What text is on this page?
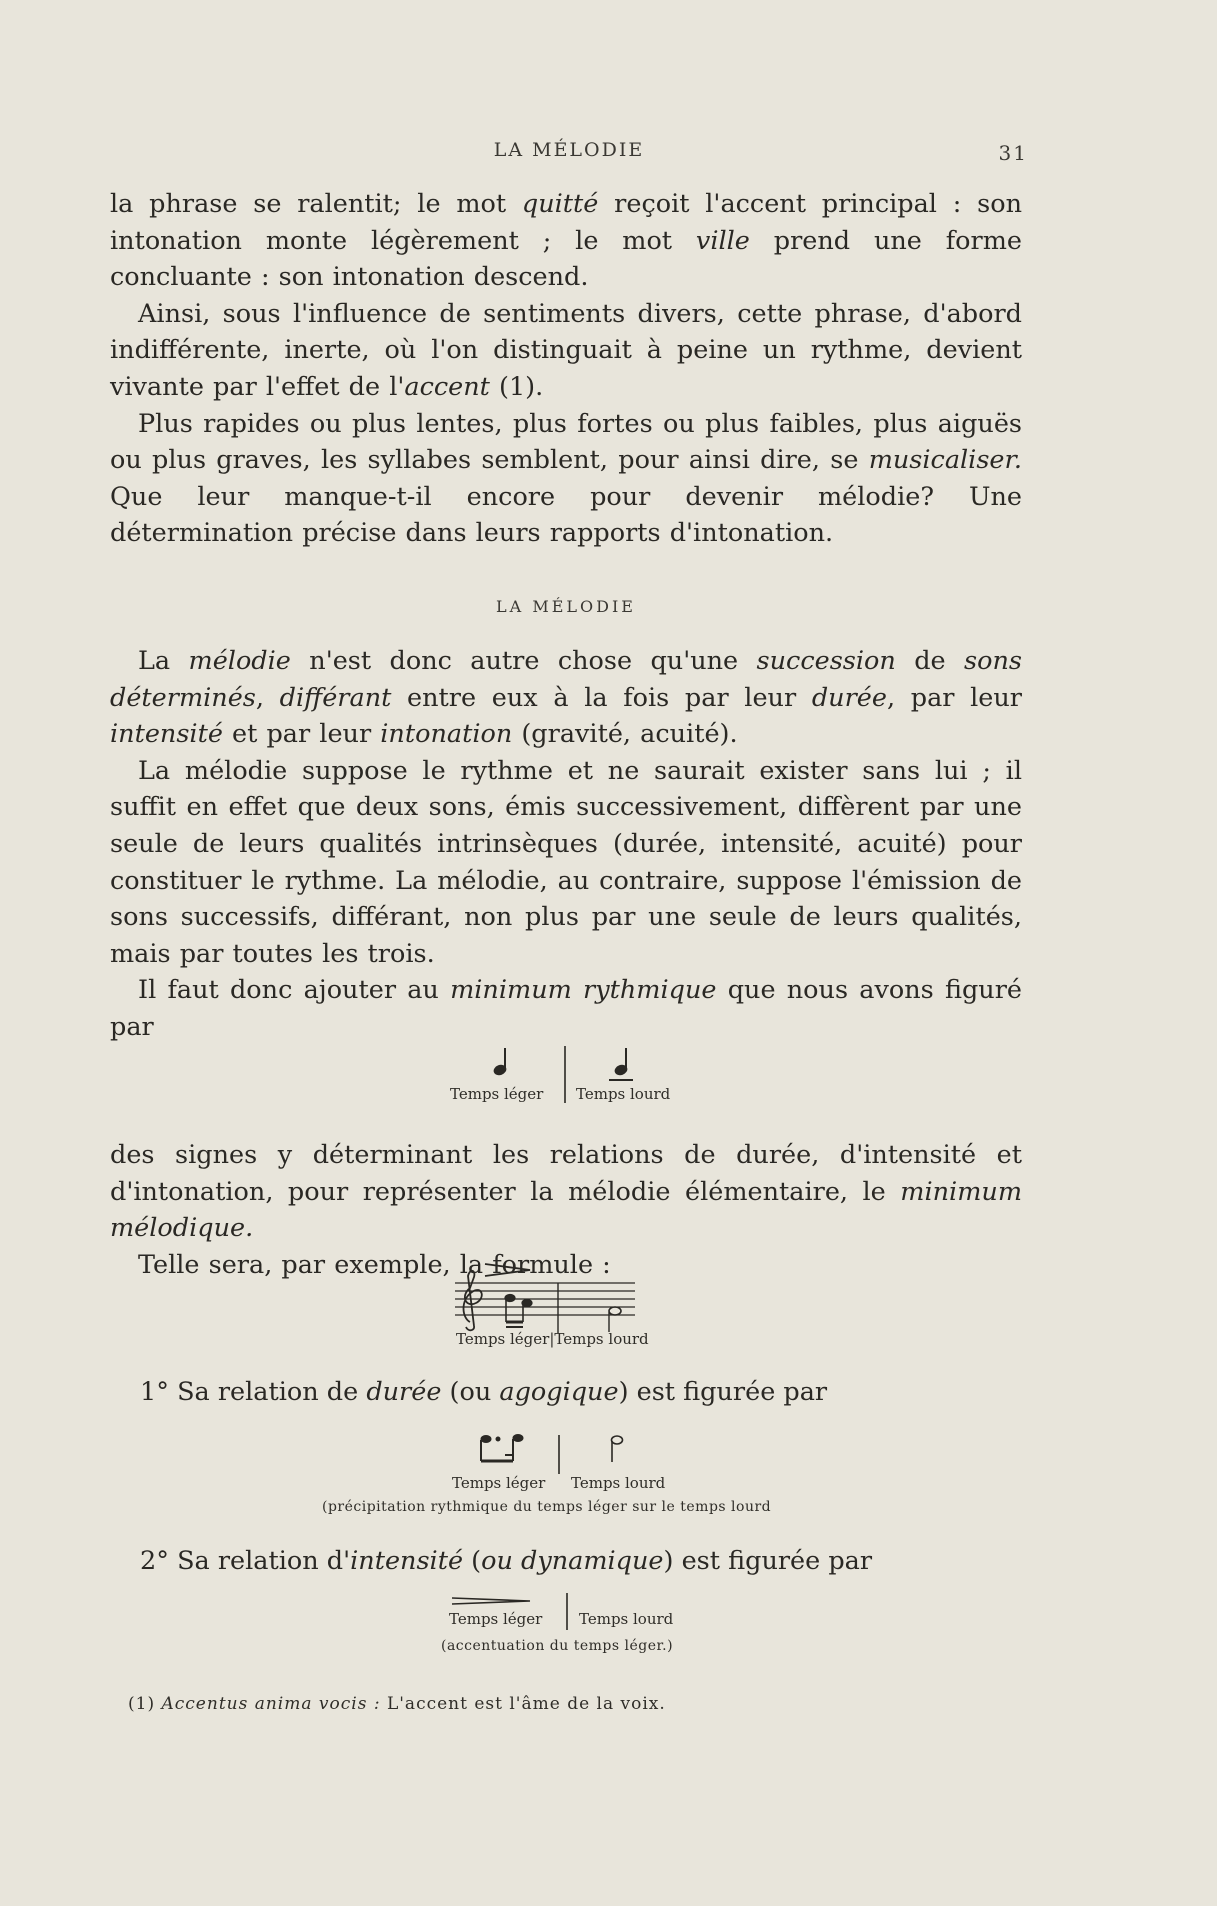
LA MÉLODIE	31

la phrase se ralentit; le mot quitté reçoit l'accent principal : son intonation monte légèrement ; le mot ville prend une forme concluante : son intonation descend.

Ainsi, sous l'influence de sentiments divers, cette phrase, d'abord indifférente, inerte, où l'on distinguait à peine un rythme, devient vivante par l'effet de l'accent (1).

Plus rapides ou plus lentes, plus fortes ou plus faibles, plus aiguës ou plus graves, les syllabes semblent, pour ainsi dire, se musicaliser. Que leur manque-t-il encore pour devenir mélodie? Une détermination précise dans leurs rapports d'intonation.

LA MÉLODIE

La mélodie n'est donc autre chose qu'une succession de sons déterminés, différant entre eux à la fois par leur durée, par leur intensité et par leur intonation (gravité, acuité).

La mélodie suppose le rythme et ne saurait exister sans lui ; il suffit en effet que deux sons, émis successivement, diffèrent par une seule de leurs qualités intrinsèques (durée, intensité, acuité) pour constituer le rythme. La mélodie, au contraire, suppose l'émission de sons successifs, différant, non plus par une seule de leurs qualités, mais par toutes les trois.

Il faut donc ajouter au minimum rythmique que nous avons figuré par

Temps léger Temps lourd

des signes y déterminant les relations de durée, d'intensité et d'intonation, pour représenter la mélodie élémentaire, le minimum mélodique.

Telle sera, par exemple, la formule :

Temps léger|Temps lourd
1° Sa relation de durée (ou agogique) est figurée par
Temps léger Temps lourd
(précipitation rythmique du temps léger sur le temps lourd
2° Sa relation d'intensité (ou dynamique) est figurée par
Temps léger Temps lourd
(accentuation du temps léger.)
(1) Accentus anima vocis : L'accent est l'âme de la voix.
